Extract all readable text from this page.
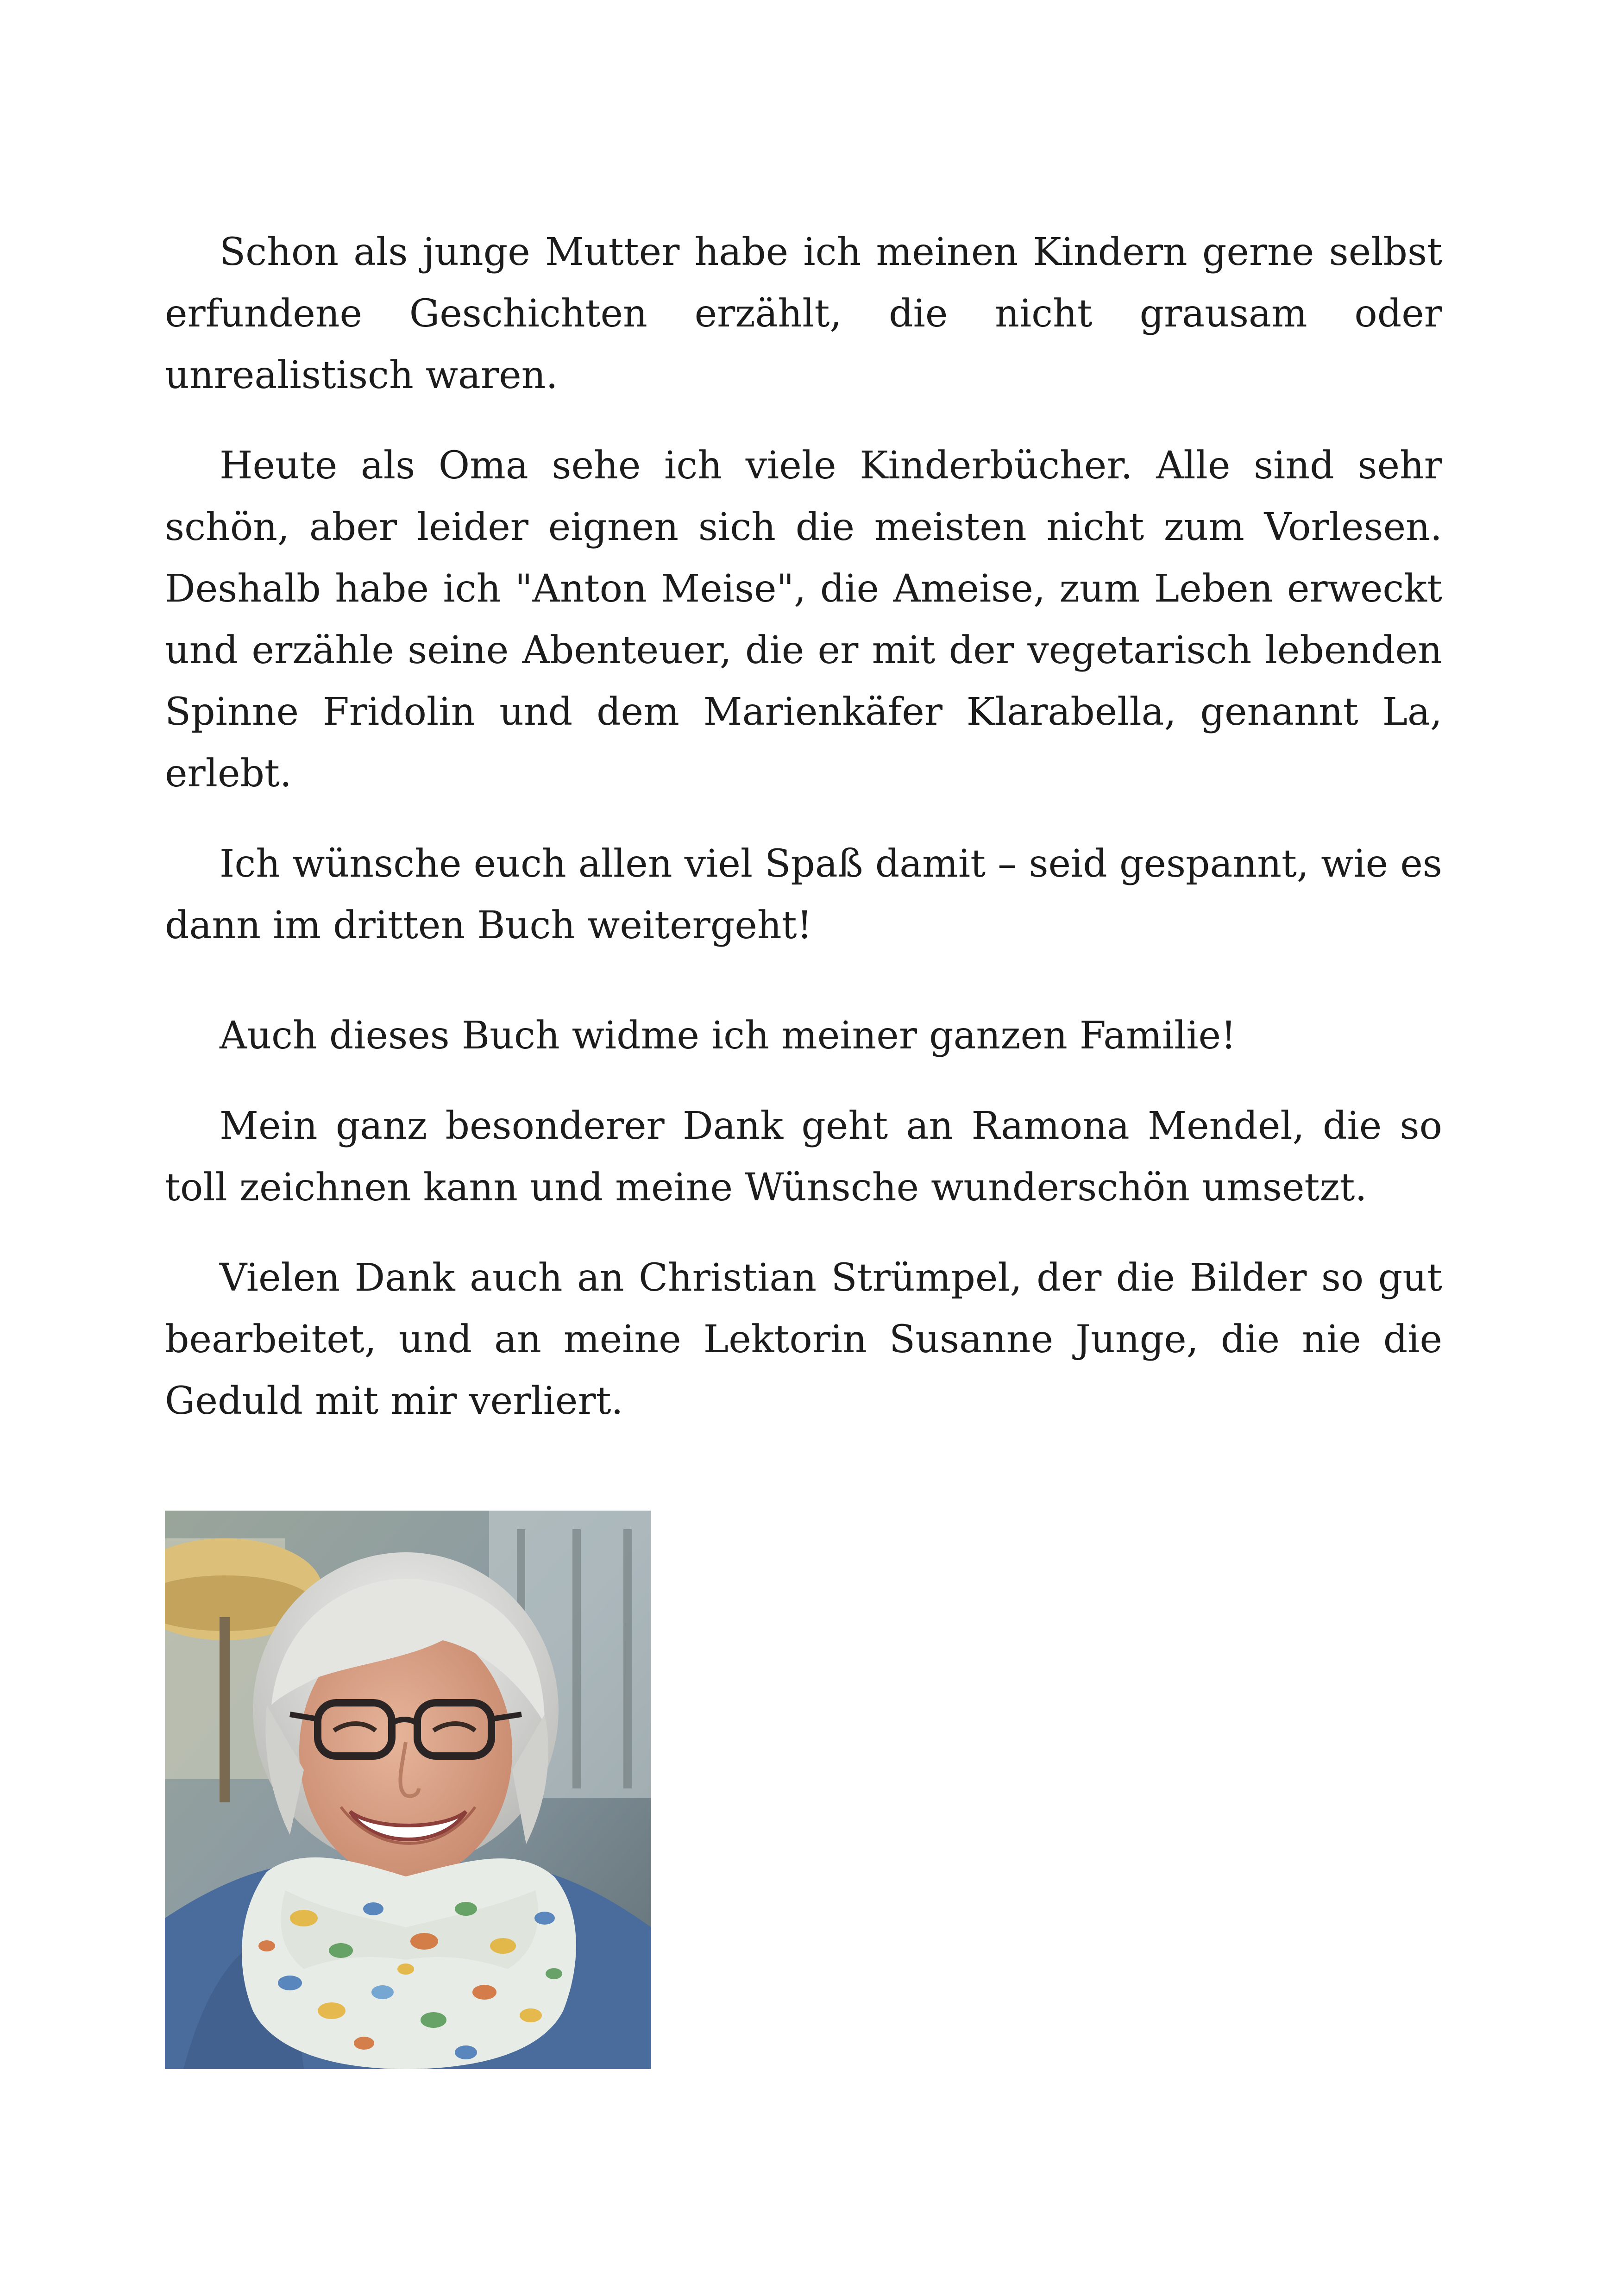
Schon als junge Mutter habe ich meinen Kindern gerne selbst erfundene Geschichten erzählt, die nicht grausam oder unrealistisch waren.

Heute als Oma sehe ich viele Kinderbücher. Alle sind sehr schön, aber leider eignen sich die meisten nicht zum Vorlesen. Deshalb habe ich "Anton Meise", die Ameise, zum Leben erweckt und erzähle seine Abenteuer, die er mit der vegetarisch lebenden Spinne Fridolin und dem Marienkäfer Klarabella, genannt La, erlebt.

Ich wünsche euch allen viel Spaß damit – seid gespannt, wie es dann im dritten Buch weitergeht!

Auch dieses Buch widme ich meiner ganzen Familie!

Mein ganz besonderer Dank geht an Ramona Mendel, die so toll zeichnen kann und meine Wünsche wunderschön umsetzt.

Vielen Dank auch an Christian Strümpel, der die Bilder so gut bearbeitet, und an meine Lektorin Susanne Junge, die nie die Geduld mit mir verliert.
